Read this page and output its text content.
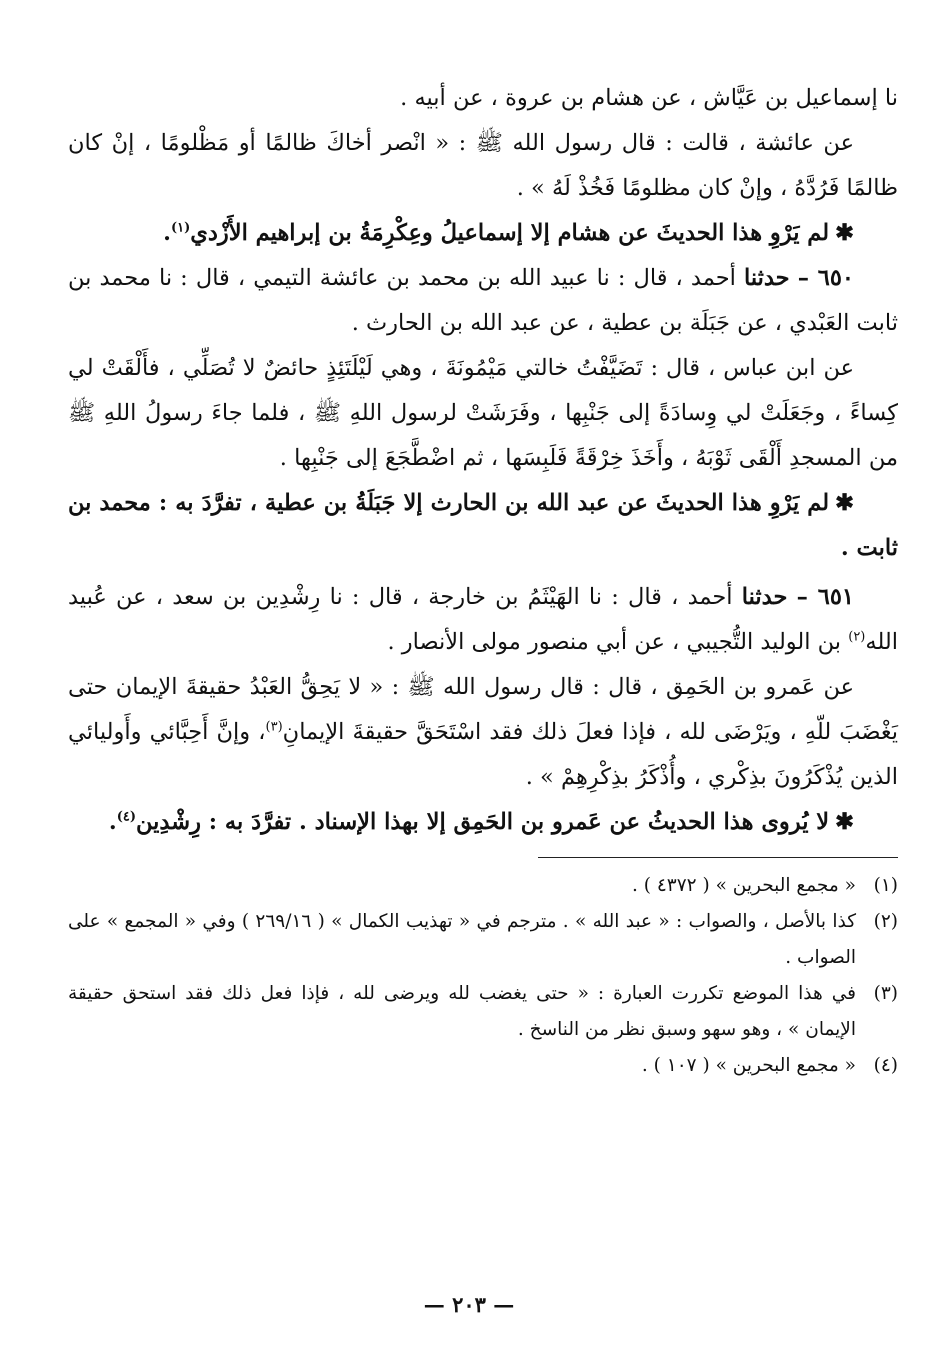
نا إسماعيل بن عَيَّاش ، عن هشام بن عروة ، عن أبيه .

عن عائشة ، قالت : قال رسول الله ﷺ : « انْصر أخاكَ ظالمًا أو مَظْلومًا ، إنْ كان ظالمًا فَرُدَّهُ ، وإنْ كان مظلومًا فَخُذْ لَهُ » .

✱لم يَرْوِ هذا الحديثَ عن هشام إلا إسماعيلُ وعِكْرِمَةُ بن إبراهيم الأَزْدي$^{(١)}$.

٦٥٠ – حدثنا أحمد ، قال : نا عبيد الله بن محمد بن عائشة التيمي ، قال : نا محمد بن ثابت العَبْدي ، عن جَبَلَة بن عطية ، عن عبد الله بن الحارث .

عن ابن عباس ، قال : تَضَيَّفْتُ خالتي مَيْمُونَةَ ، وهي لَيْلَتَئِذٍ حائضٌ لا تُصَلِّي ، فأَلْقَتْ لي كِساءً ، وجَعَلَتْ لي وِسادَةً إلى جَنْبِها ، وفَرَشَتْ لرسول اللهِ ﷺ ، فلما جاءَ رسولُ اللهِ ﷺ من المسجدِ أَلْقَى ثَوْبَهُ ، وأَخَذَ خِرْقَةً فَلَبِسَها ، ثم اضْطَّجَعَ إلى جَنْبِها .

✱لم يَرْوِ هذا الحديثَ عن عبد الله بن الحارث إلا جَبَلَةُ بن عطية ، تفرَّدَ به : محمد بن ثابت .

٦٥١ – حدثنا أحمد ، قال : نا الهَيْثَمُ بن خارجة ، قال : نا رِشْدِين بن سعد ، عن عُبيد الله$^{(٢)}$ بن الوليد التُّجيبي ، عن أبي منصور مولى الأنصار .

عن عَمرو بن الحَمِق ، قال : قال رسول الله ﷺ : « لا يَحِقُّ العَبْدُ حقيقةَ الإيمان حتى يَغْضَبَ للّهِ ، ويَرْضَى لله ، فإذا فعلَ ذلك فقد اسْتَحَقَّ حقيقةَ الإيمانِ$^{(٣)}$، وإنَّ أَحِبَّائي وأَوليائي الذين يُذْكَرُونَ بذِكْري ، وأُذْكَرُ بذِكْرِهِمْ » .

✱لا يُروى هذا الحديثُ عن عَمرو بن الحَمِق إلا بهذا الإسناد . تفرَّدَ به : رِشْدِين$^{(٤)}$.

(١)
« مجمع البحرين » ( ٤٣٧٢ ) .

(٢)
كذا بالأصل ، والصواب : « عبد الله » . مترجم في « تهذيب الكمال » ( ٢٦٩/١٦ ) وفي « المجمع » على الصواب .

(٣)
في هذا الموضع تكررت العبارة : « حتى يغضب لله ويرضى لله ، فإذا فعل ذلك فقد استحق حقيقة الإيمان » ، وهو سهو وسبق نظر من الناسخ .

(٤)
« مجمع البحرين » ( ١٠٧ ) .

— ٢٠٣ —
